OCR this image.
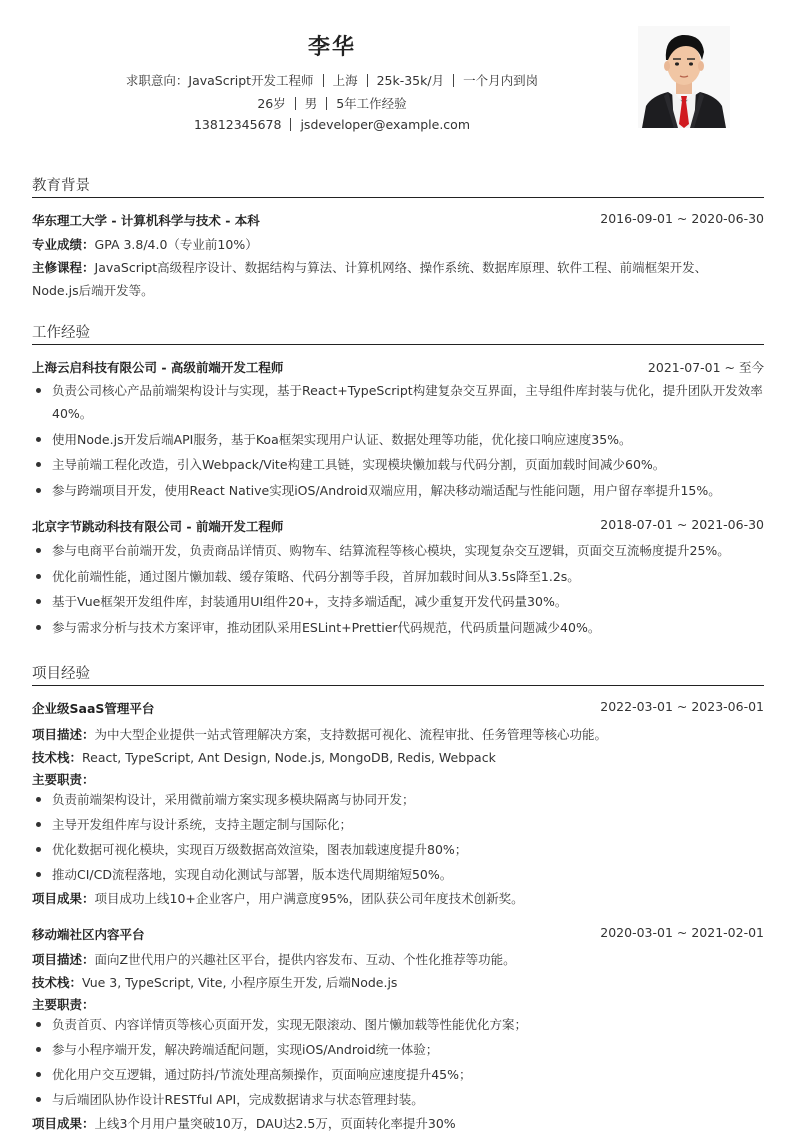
李华
求职意向：JavaScript开发工程师 上海 25k-35k/月 一个月内到岗
26岁 男 5年工作经验
13812345678 jsdeveloper@example.com
教育背景
华东理工大学 - 计算机科学与技术 - 本科	2016-09-01 ~ 2020-06-30
专业成绩：GPA 3.8/4.0（专业前10%）
主修课程：JavaScript高级程序设计、数据结构与算法、计算机网络、操作系统、数据库原理、软件工程、前端框架开发、
Node.js后端开发等。
工作经验
上海云启科技有限公司 - 高级前端开发工程师	2021-07-01 ~ 至今
负责公司核心产品前端架构设计与实现，基于React+TypeScript构建复杂交互界面，主导组件库封装与优化，提升团队开发效率40%。
使用Node.js开发后端API服务，基于Koa框架实现用户认证、数据处理等功能，优化接口响应速度35%。
主导前端工程化改造，引入Webpack/Vite构建工具链，实现模块懒加载与代码分割，页面加载时间减少60%。
参与跨端项目开发，使用React Native实现iOS/Android双端应用，解决移动端适配与性能问题，用户留存率提升15%。
北京字节跳动科技有限公司 - 前端开发工程师	2018-07-01 ~ 2021-06-30
参与电商平台前端开发，负责商品详情页、购物车、结算流程等核心模块，实现复杂交互逻辑，页面交互流畅度提升25%。
优化前端性能，通过图片懒加载、缓存策略、代码分割等手段，首屏加载时间从3.5s降至1.2s。
基于Vue框架开发组件库，封装通用UI组件20+，支持多端适配，减少重复开发代码量30%。
参与需求分析与技术方案评审，推动团队采用ESLint+Prettier代码规范，代码质量问题减少40%。
项目经验
企业级SaaS管理平台	2022-03-01 ~ 2023-06-01
项目描述：为中大型企业提供一站式管理解决方案，支持数据可视化、流程审批、任务管理等核心功能。
技术栈：React, TypeScript, Ant Design, Node.js, MongoDB, Redis, Webpack
主要职责：
负责前端架构设计，采用微前端方案实现多模块隔离与协同开发；
主导开发组件库与设计系统，支持主题定制与国际化；
优化数据可视化模块，实现百万级数据高效渲染，图表加载速度提升80%；
推动CI/CD流程落地，实现自动化测试与部署，版本迭代周期缩短50%。
项目成果：项目成功上线10+企业客户，用户满意度95%，团队获公司年度技术创新奖。
移动端社区内容平台	2020-03-01 ~ 2021-02-01
项目描述：面向Z世代用户的兴趣社区平台，提供内容发布、互动、个性化推荐等功能。
技术栈：Vue 3, TypeScript, Vite, 小程序原生开发, 后端Node.js
主要职责：
负责首页、内容详情页等核心页面开发，实现无限滚动、图片懒加载等性能优化方案；
参与小程序端开发，解决跨端适配问题，实现iOS/Android统一体验；
优化用户交互逻辑，通过防抖/节流处理高频操作，页面响应速度提升45%；
与后端团队协作设计RESTful API，完成数据请求与状态管理封装。
项目成果：上线3个月用户量突破10万，DAU达2.5万，页面转化率提升30%
